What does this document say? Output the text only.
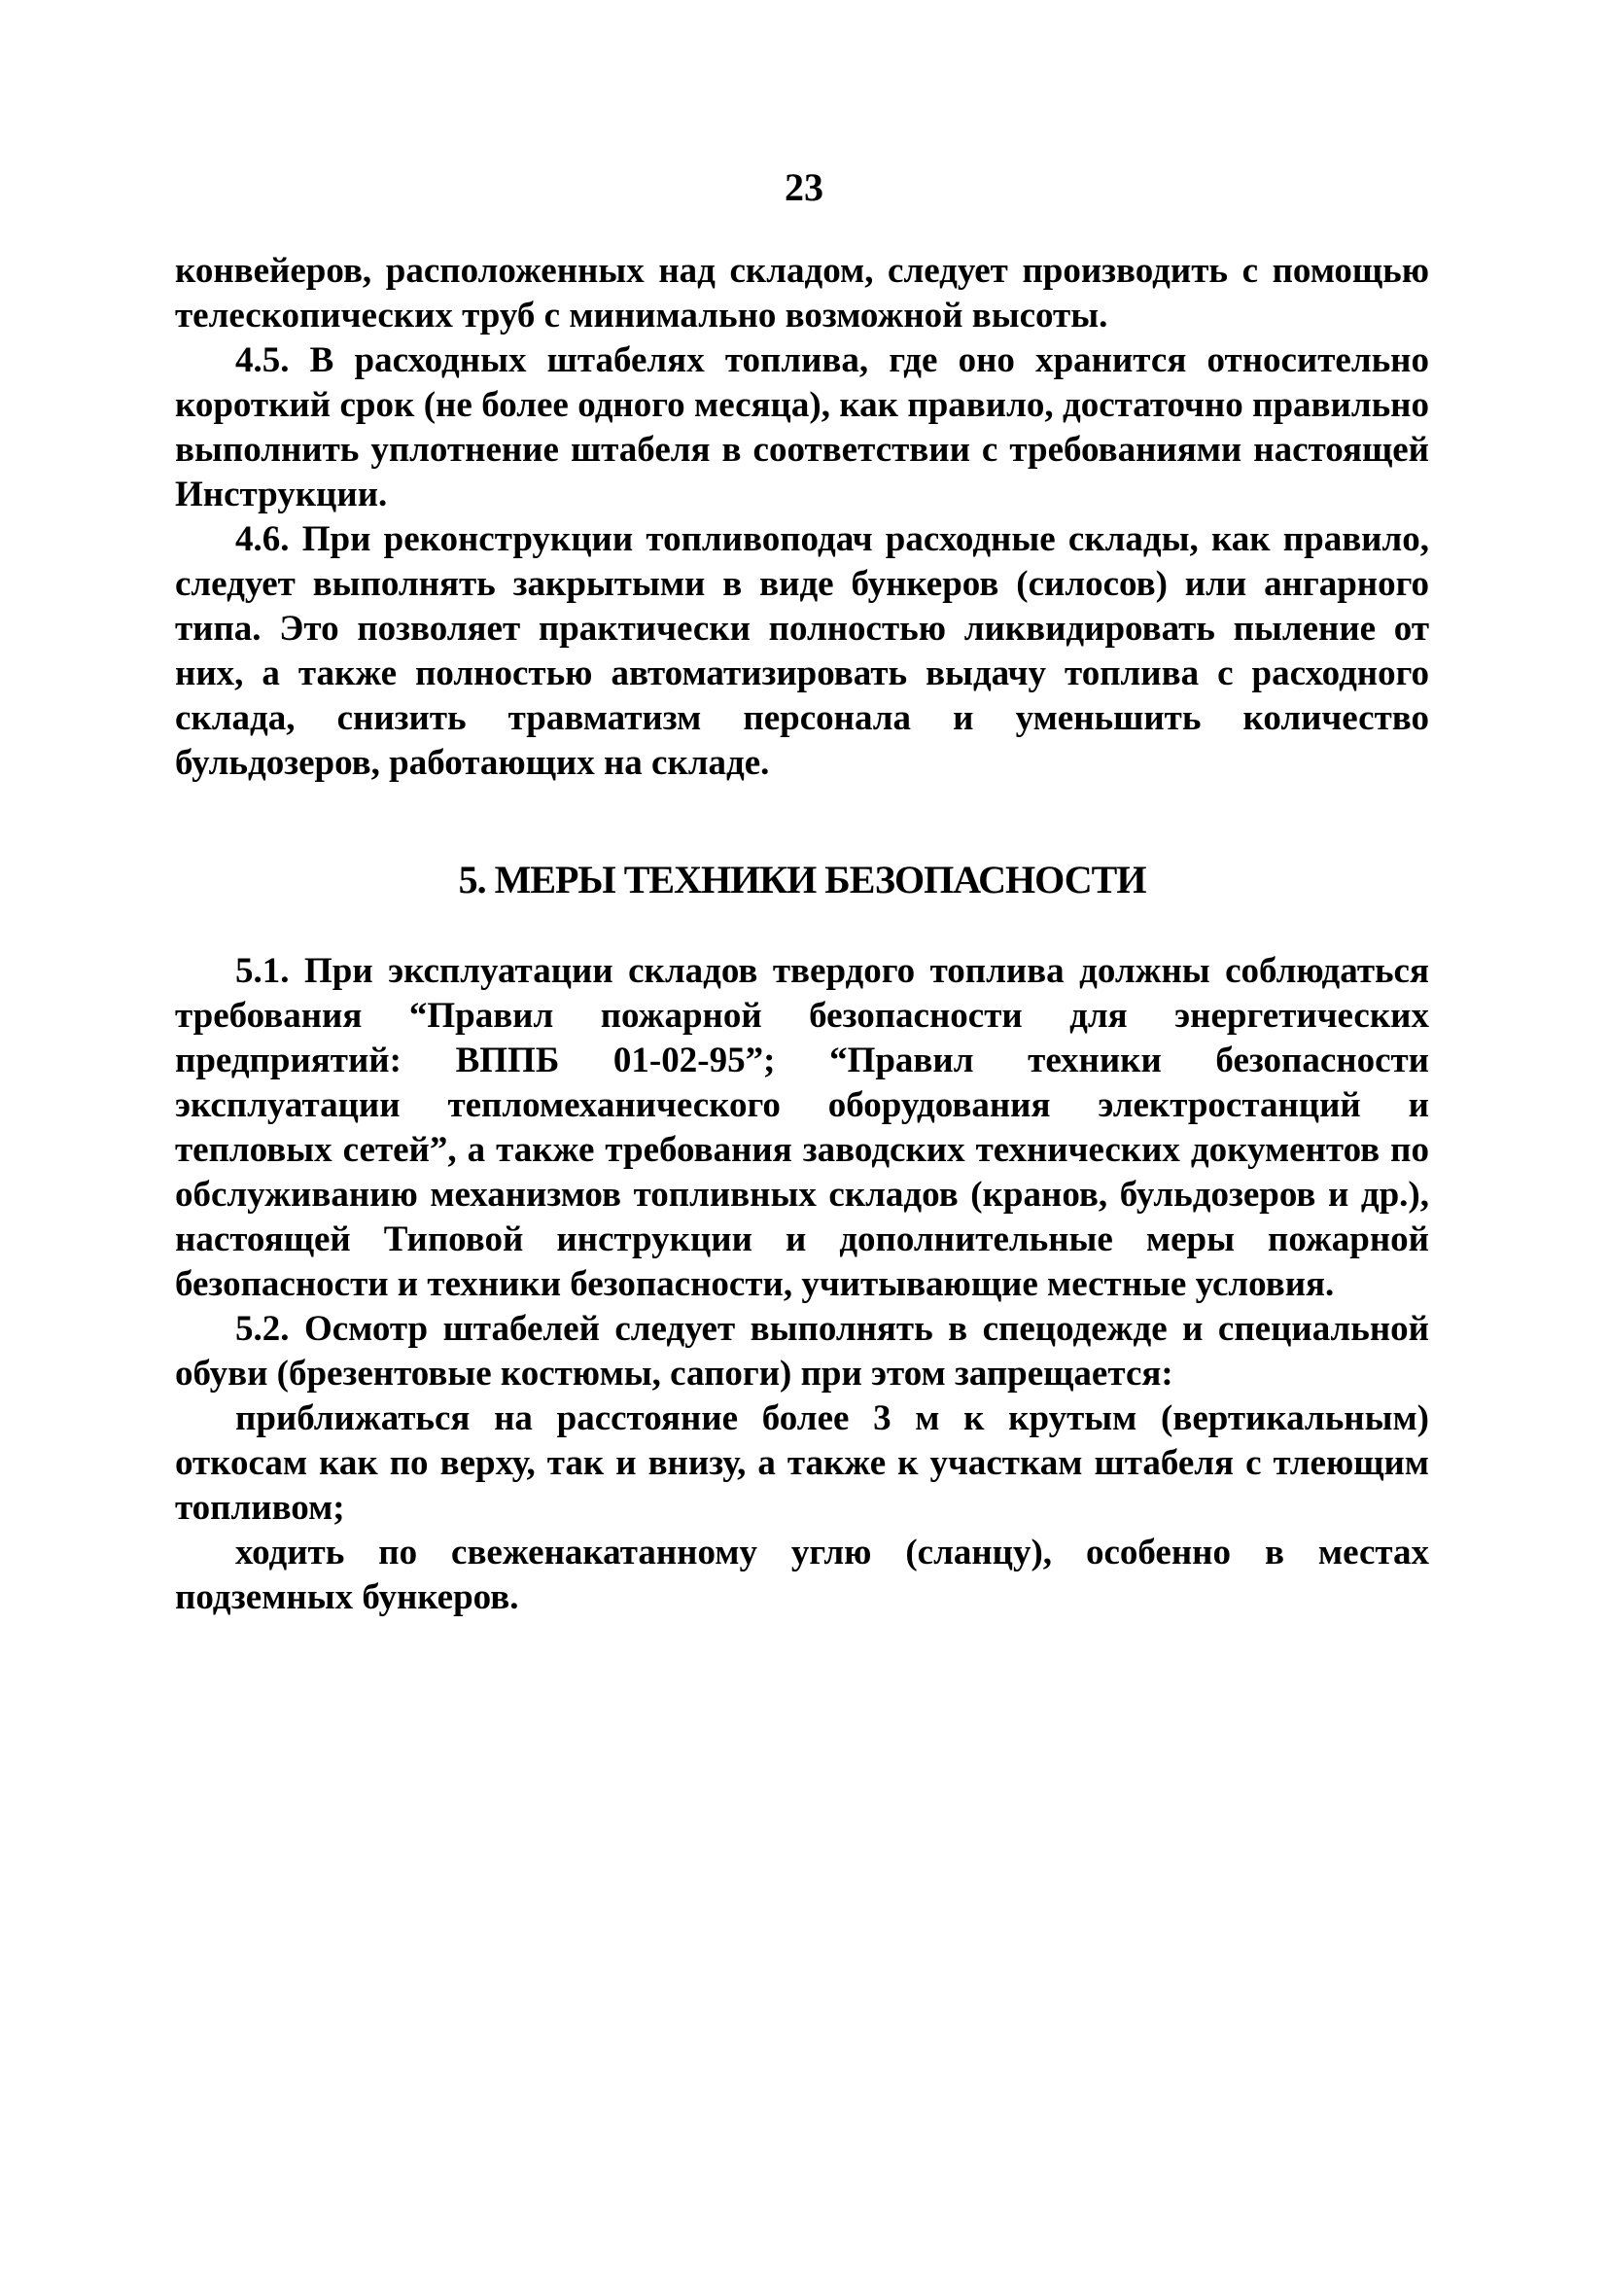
23

конвейеров, расположенных над складом, следует производить с помощью телескопических труб с минимально возможной высоты.

4.5. В расходных штабелях топлива, где оно хранится относительно короткий срок (не более одного месяца), как правило, достаточно правильно выполнить уплотнение штабеля в соответствии с требованиями настоящей Инструкции.

4.6. При реконструкции топливоподач расходные склады, как правило, следует выполнять закрытыми в виде бункеров (силосов) или ангарного типа. Это позволяет практически полностью ликвидировать пыление от них, а также полностью автоматизировать выдачу топлива с расходного склада, снизить травматизм персонала и уменьшить количество бульдозеров, работающих на складе.

5. МЕРЫ ТЕХНИКИ БЕЗОПАСНОСТИ

5.1. При эксплуатации складов твердого топлива должны соблюдаться требования “Правил пожарной безопасности для энергетических предприятий: ВППБ 01-02-95”; “Правил техники безопасности эксплуатации тепломеханического оборудования электростанций и тепловых сетей”, а также требования заводских технических документов по обслуживанию механизмов топливных складов (кранов, бульдозеров и др.), настоящей Типовой инструкции и дополнительные меры пожарной безопасности и техники безопасности, учитывающие местные условия.

5.2. Осмотр штабелей следует выполнять в спецодежде и специальной обуви (брезентовые костюмы, сапоги) при этом запрещается:

приближаться на расстояние более 3 м к крутым (вертикальным) откосам как по верху, так и внизу, а также к участкам штабеля с тлеющим топливом;

ходить по свеженакатанному углю (сланцу), особенно в местах подземных бункеров.
